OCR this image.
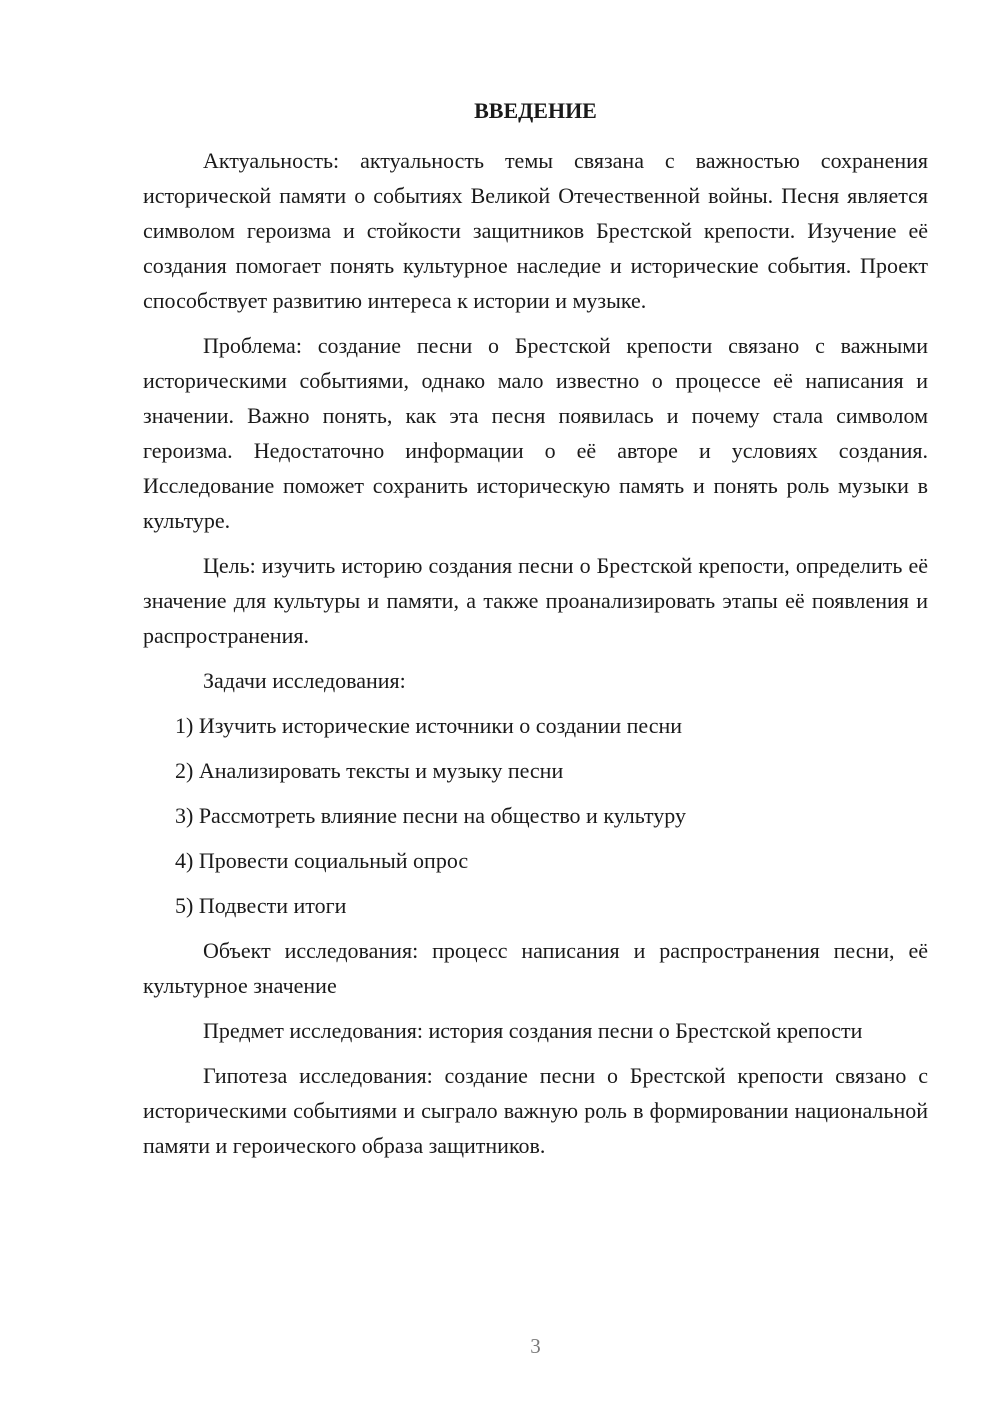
ВВЕДЕНИЕ

Актуальность: актуальность темы связана с важностью сохранения исторической памяти о событиях Великой Отечественной войны. Песня является символом героизма и стойкости защитников Брестской крепости. Изучение её создания помогает понять культурное наследие и исторические события. Проект способствует развитию интереса к истории и музыке.

Проблема: создание песни о Брестской крепости связано с важными историческими событиями, однако мало известно о процессе её написания и значении. Важно понять, как эта песня появилась и почему стала символом героизма. Недостаточно информации о её авторе и условиях создания. Исследование поможет сохранить историческую память и понять роль музыки в культуре.

Цель: изучить историю создания песни о Брестской крепости, определить её значение для культуры и памяти, а также проанализировать этапы её появления и распространения.

Задачи исследования:

1) Изучить исторические источники о создании песни
2) Анализировать тексты и музыку песни
3) Рассмотреть влияние песни на общество и культуру
4) Провести социальный опрос
5) Подвести итоги

Объект исследования: процесс написания и распространения песни, её культурное значение

Предмет исследования: история создания песни о Брестской крепости

Гипотеза исследования: создание песни о Брестской крепости связано с историческими событиями и сыграло важную роль в формировании национальной памяти и героического образа защитников.

3
